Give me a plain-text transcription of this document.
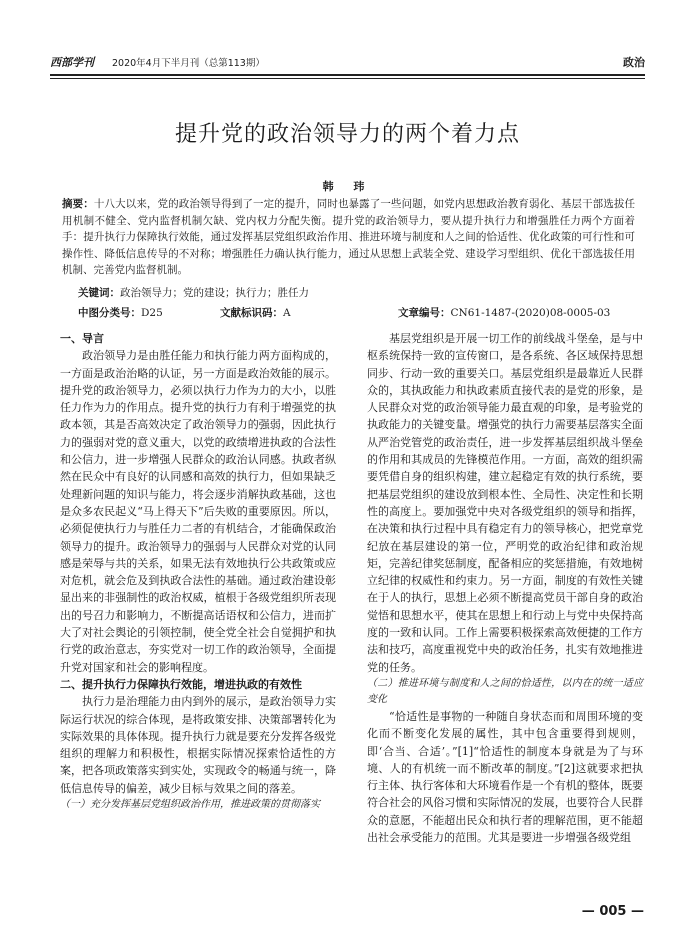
西部学刊 2020年4月下半月刊（总第113期）	政治
提升党的政治领导力的两个着力点
韩 玮
摘要：十八大以来，党的政治领导得到了一定的提升，同时也暴露了一些问题，如党内思想政治教育弱化、基层干部选拔任用机制不健全、党内监督机制欠缺、党内权力分配失衡。提升党的政治领导力，要从提升执行力和增强胜任力两个方面着手：提升执行力保障执行效能，通过发挥基层党组织政治作用、推进环境与制度和人之间的恰适性、优化政策的可行性和可操作性、降低信息传导的不对称；增强胜任力确认执行能力，通过从思想上武装全党、建设学习型组织、优化干部选拔任用机制、完善党内监督机制。
关键词：政治领导力；党的建设；执行力；胜任力
中图分类号：D25	文献标识码：A	文章编号：CN61-1487-(2020)08-0005-03
一、导言

政治领导力是由胜任能力和执行能力两方面构成的，一方面是政治治略的认证，另一方面是政治效能的展示。提升党的政治领导力，必须以执行力作为力的大小，以胜任力作为力的作用点。提升党的执行力有利于增强党的执政本领，其是否高效决定了政治领导力的强弱，因此执行力的强弱对党的意义重大，以党的政绩增进执政的合法性和公信力，进一步增强人民群众的政治认同感。执政者纵然在民众中有良好的认同感和高效的执行力，但如果缺乏处理新问题的知识与能力，将会逐步消解执政基础，这也是众多农民起义“马上得天下”后失败的重要原因。所以，必须促使执行力与胜任力二者的有机结合，才能确保政治领导力的提升。政治领导力的强弱与人民群众对党的认同感是荣辱与共的关系，如果无法有效地执行公共政策或应对危机，就会危及到执政合法性的基础。通过政治建设彰显出来的非强制性的政治权威，植根于各级党组织所表现出的号召力和影响力，不断提高话语权和公信力，进而扩大了对社会舆论的引领控制，使全党全社会自觉拥护和执行党的政治意志，夯实党对一切工作的政治领导，全面提升党对国家和社会的影响程度。

二、提升执行力保障执行效能，增进执政的有效性

执行力是治理能力由内到外的展示，是政治领导力实际运行状况的综合体现，是将政策安排、决策部署转化为实际效果的具体体现。提升执行力就是要充分发挥各级党组织的理解力和积极性，根据实际情况探索恰适性的方案，把各项政策落实到实处，实现政令的畅通与统一，降低信息传导的偏差，减少目标与效果之间的落差。

（一）充分发挥基层党组织政治作用，推进政策的贯彻落实

基层党组织是开展一切工作的前线战斗堡垒，是与中枢系统保持一致的宣传窗口，是各系统、各区域保持思想同步、行动一致的重要关口。基层党组织是最靠近人民群众的，其执政能力和执政素质直接代表的是党的形象，是人民群众对党的政治领导能力最直观的印象，是考验党的执政能力的关键变量。增强党的执行力需要基层落实全面从严治党管党的政治责任，进一步发挥基层组织战斗堡垒的作用和其成员的先锋模范作用。一方面，高效的组织需要凭借自身的组织构建，建立起稳定有效的执行系统，要把基层党组织的建设放到根本性、全局性、决定性和长期性的高度上。要加强党中央对各级党组织的领导和指挥，在决策和执行过程中具有稳定有力的领导核心，把党章党纪放在基层建设的第一位，严明党的政治纪律和政治规矩，完善纪律奖惩制度，配备相应的奖惩措施，有效地树立纪律的权威性和约束力。另一方面，制度的有效性关键在于人的执行，思想上必须不断提高党员干部自身的政治觉悟和思想水平，使其在思想上和行动上与党中央保持高度的一致和认同。工作上需要积极探索高效便捷的工作方法和技巧，高度重视党中央的政治任务，扎实有效地推进党的任务。

（二）推进环境与制度和人之间的恰适性，以内在的统一适应变化

“恰适性是事物的一种随自身状态而和周围环境的变化而不断变化发展的属性，其中包含重要得到规则，即‘合当、合适’。”[1]“恰适性的制度本身就是为了与环境、人的有机统一而不断改革的制度。”[2]这就要求把执行主体、执行客体和大环境看作是一个有机的整体，既要符合社会的风俗习惯和实际情况的发展，也要符合人民群众的意愿，不能超出民众和执行者的理解范围，更不能超出社会承受能力的范围。尤其是要进一步增强各级党组

— 005 —
